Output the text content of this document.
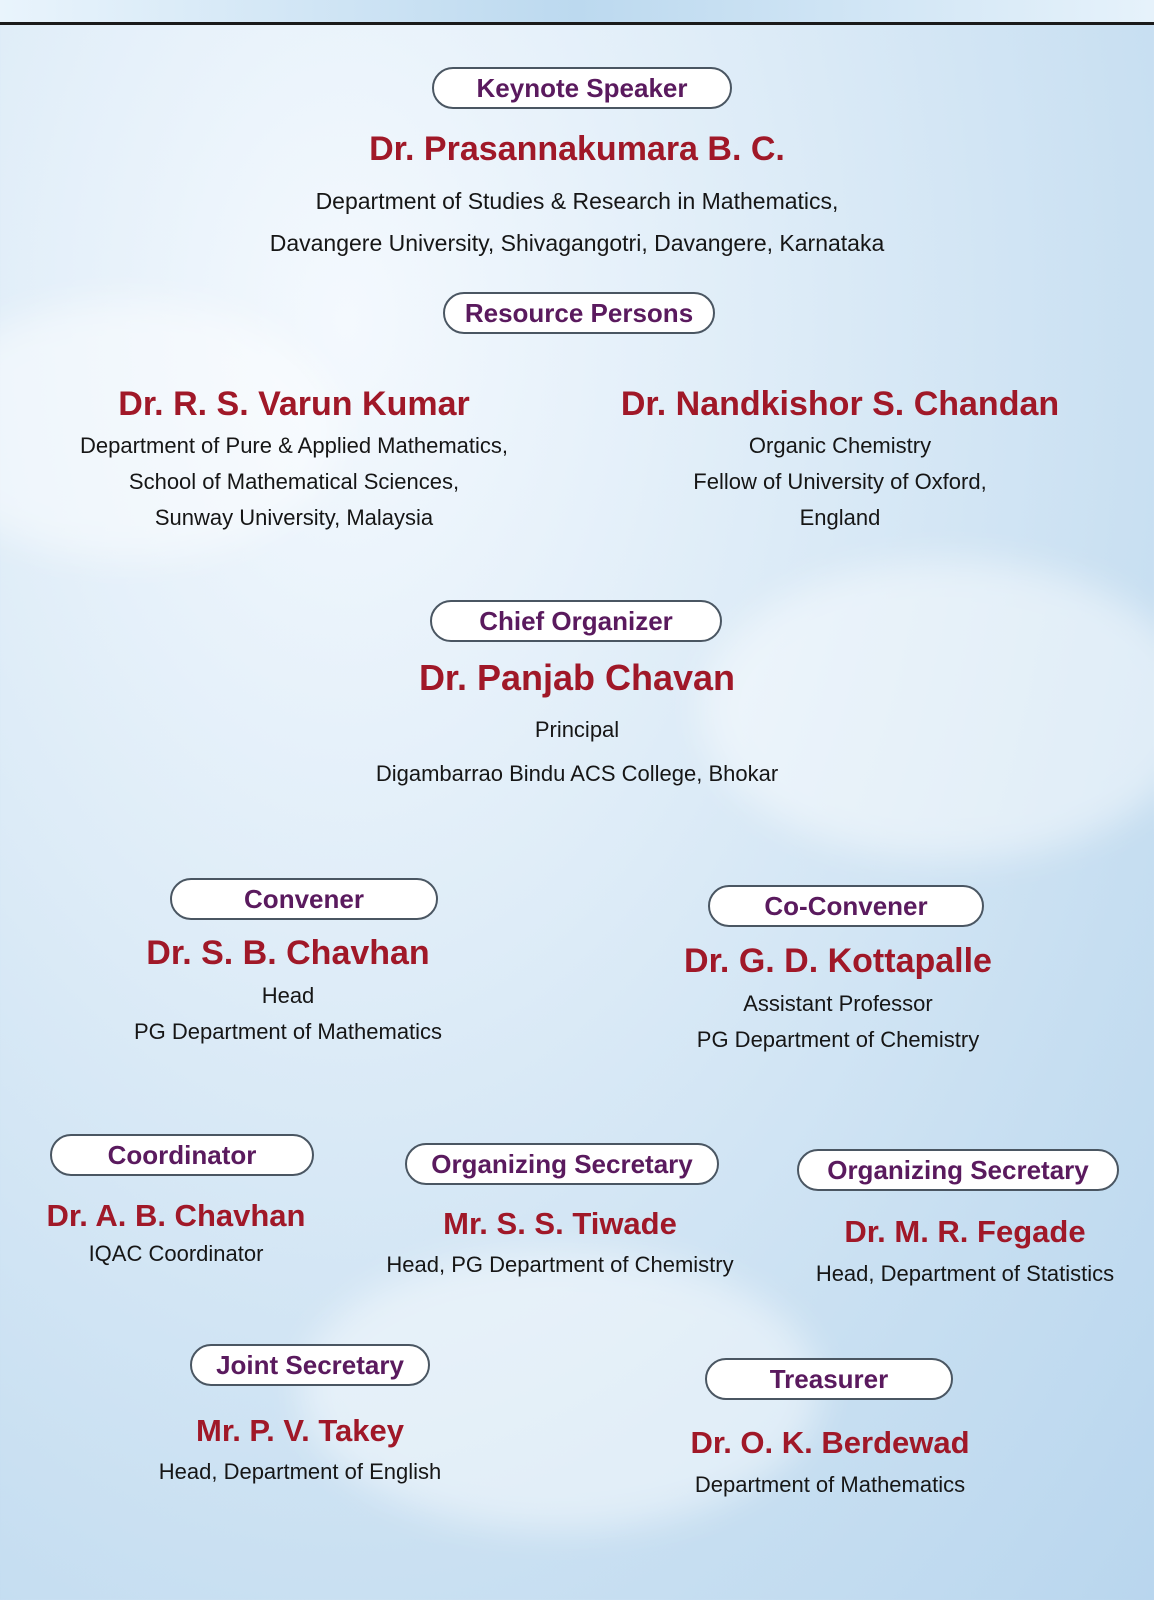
Keynote Speaker
Dr. Prasannakumara B. C.
Department of Studies & Research in Mathematics,
Davangere University, Shivagangotri, Davangere, Karnataka
Resource Persons
Dr. R. S. Varun Kumar
Department of Pure & Applied Mathematics,
School of Mathematical Sciences,
Sunway University, Malaysia
Dr. Nandkishor S. Chandan
Organic Chemistry
Fellow of University of Oxford,
England
Chief Organizer
Dr. Panjab Chavan
Principal
Digambarrao Bindu ACS College, Bhokar
Convener
Dr. S. B. Chavhan
Head
PG Department of Mathematics
Co-Convener
Dr. G. D. Kottapalle
Assistant Professor
PG Department of Chemistry
Coordinator
Dr. A. B. Chavhan
IQAC Coordinator
Organizing Secretary
Mr. S. S. Tiwade
Head, PG Department of Chemistry
Organizing Secretary
Dr. M. R. Fegade
Head, Department of Statistics
Joint Secretary
Mr. P. V. Takey
Head, Department of English
Treasurer
Dr. O. K. Berdewad
Department of Mathematics
